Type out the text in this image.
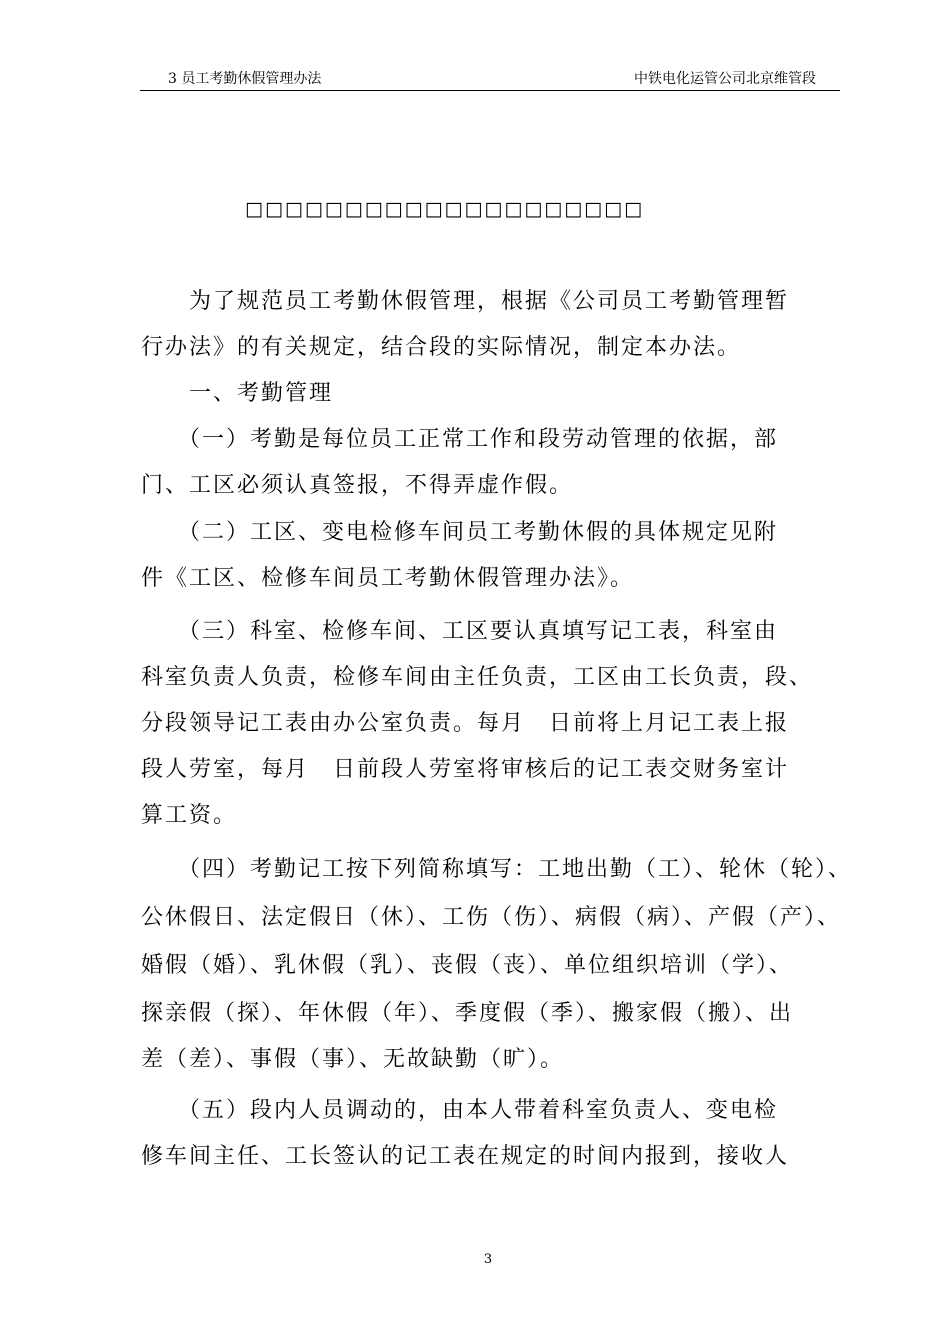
3 员工考勤休假管理办法	中铁电化运管公司北京维管段
□□□□□□□□□□□□□□□□□□□□
　　为了规范员工考勤休假管理，根据《公司员工考勤管理暂
行办法》的有关规定，结合段的实际情况，制定本办法。
　　一、考勤管理
　　（一）考勤是每位员工正常工作和段劳动管理的依据，部
门、工区必须认真签报，不得弄虚作假。
　　（二）工区、变电检修车间员工考勤休假的具体规定见附
件《工区、检修车间员工考勤休假管理办法》。
　　（三）科室、检修车间、工区要认真填写记工表，科室由
科室负责人负责，检修车间由主任负责，工区由工长负责，段、
分段领导记工表由办公室负责。每月　日前将上月记工表上报
段人劳室，每月　日前段人劳室将审核后的记工表交财务室计
算工资。
　　（四）考勤记工按下列简称填写：工地出勤（工）、轮休（轮）、
公休假日、法定假日（休）、工伤（伤）、病假（病）、产假（产）、
婚假（婚）、乳休假（乳）、丧假（丧）、单位组织培训（学）、
探亲假（探）、年休假（年）、季度假（季）、搬家假（搬）、出
差（差）、事假（事）、无故缺勤（旷）。
　　（五）段内人员调动的，由本人带着科室负责人、变电检
修车间主任、工长签认的记工表在规定的时间内报到，接收人
3
